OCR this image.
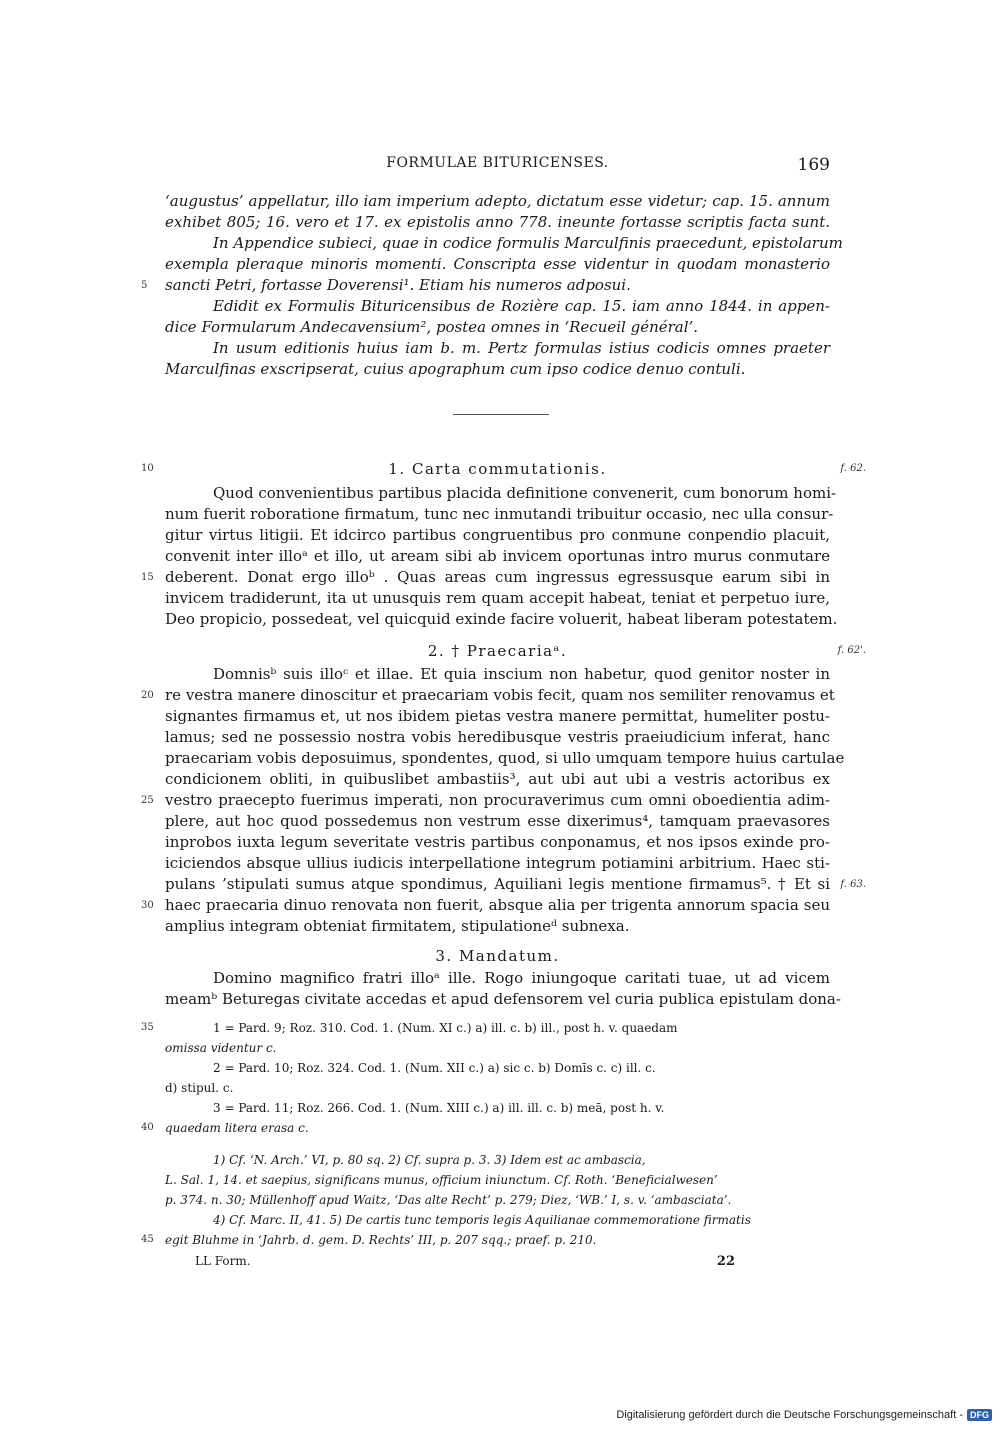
FORMULAE BITURICENSES.	169
‘augustus’ appellatur, illo iam imperium adepto, dictatum esse videtur; cap. 15. annum
exhibet 805; 16. vero et 17. ex epistolis anno 778. ineunte fortasse scriptis facta sunt.
In Appendice subieci, quae in codice formulis Marculfinis praecedunt, epistolarum
exempla pleraque minoris momenti. Conscripta esse videntur in quodam monasterio
sancti Petri, fortasse Doverensi¹. Etiam his numeros adposui.
5
Edidit ex Formulis Bituricensibus de Rozière cap. 15. iam anno 1844. in appen-
dice Formularum Andecavensium², postea omnes in ‘Recueil général’.
In usum editionis huius iam b. m. Pertz formulas istius codicis omnes praeter
Marculfinas exscripserat, cuius apographum cum ipso codice denuo contuli.
1. Carta commutationis.
10	f. 62.
Quod convenientibus partibus placida definitione convenerit, cum bonorum homi-
num fuerit roboratione firmatum, tunc nec inmutandi tribuitur occasio, nec ulla consur-
gitur virtus litigii. Et idcirco partibus congruentibus pro conmune conpendio placuit,
convenit inter illoᵃ et illo, ut aream sibi ab invicem oportunas intro murus conmutare
deberent. Donat ergo illoᵇ . Quas areas cum ingressus egressusque earum sibi in
15
invicem tradiderunt, ita ut unusquis rem quam accepit habeat, teniat et perpetuo iure,
Deo propicio, possedeat, vel quicquid exinde facire voluerit, habeat liberam potestatem.
2. † Praecariaᵃ.	f. 62'.
Domnisᵇ suis illoᶜ et illae. Et quia inscium non habetur, quod genitor noster in
re vestra manere dinoscitur et praecariam vobis fecit, quam nos semiliter renovamus et
20
signantes firmamus et, ut nos ibidem pietas vestra manere permittat, humeliter postu-
lamus; sed ne possessio nostra vobis heredibusque vestris praeiudicium inferat, hanc
praecariam vobis deposuimus, spondentes, quod, si ullo umquam tempore huius cartulae
condicionem obliti, in quibuslibet ambastiis³, aut ubi aut ubi a vestris actoribus ex
vestro praecepto fuerimus imperati, non procuraverimus cum omni oboedientia adim-
25
plere, aut hoc quod possedemus non vestrum esse dixerimus⁴, tamquam praevasores
inprobos iuxta legum severitate vestris partibus conponamus, et nos ipsos exinde pro-
iciciendos absque ullius iudicis interpellatione integrum potiamini arbitrium. Haec sti-
pulans ’stipulati sumus atque spondimus, Aquiliani legis mentione firmamus⁵. † Et si f. 63.
haec praecaria dinuo renovata non fuerit, absque alia per trigenta annorum spacia seu
30
amplius integram obteniat firmitatem, stipulationeᵈ subnexa.
3. Mandatum.
Domino magnifico fratri illoᵃ ille. Rogo iniungoque caritati tuae, ut ad vicem
meamᵇ Beturegas civitate accedas et apud defensorem vel curia publica epistulam dona-
1 = Pard. 9; Roz. 310. Cod. 1. (Num. XI c.) a) ill. c. b) ill., post h. v. quaedam
35
omissa videntur c.
2 = Pard. 10; Roz. 324. Cod. 1. (Num. XII c.) a) sic c. b) Domīs c. c) ill. c.
d) stipul. c.
3 = Pard. 11; Roz. 266. Cod. 1. (Num. XIII c.) a) ill. ill. c. b) meā, post h. v.
quaedam litera erasa c.
40
1) Cf. ‘N. Arch.’ VI, p. 80 sq. 2) Cf. supra p. 3. 3) Idem est ac ambascia,
L. Sal. 1, 14. et saepius, significans munus, officium iniunctum. Cf. Roth. ‘Beneficialwesen’
p. 374. n. 30; Müllenhoff apud Waitz, ‘Das alte Recht’ p. 279; Diez, ‘WB.’ I, s. v. ‘ambasciata’.
4) Cf. Marc. II, 41. 5) De cartis tunc temporis legis Aquilianae commemoratione firmatis
egit Bluhme in ‘Jahrb. d. gem. D. Rechts’ III, p. 207 sqq.; praef. p. 210.
45
LL Form.	22
Digitalisierung gefördert durch die Deutsche Forschungsgemeinschaft - DFG
